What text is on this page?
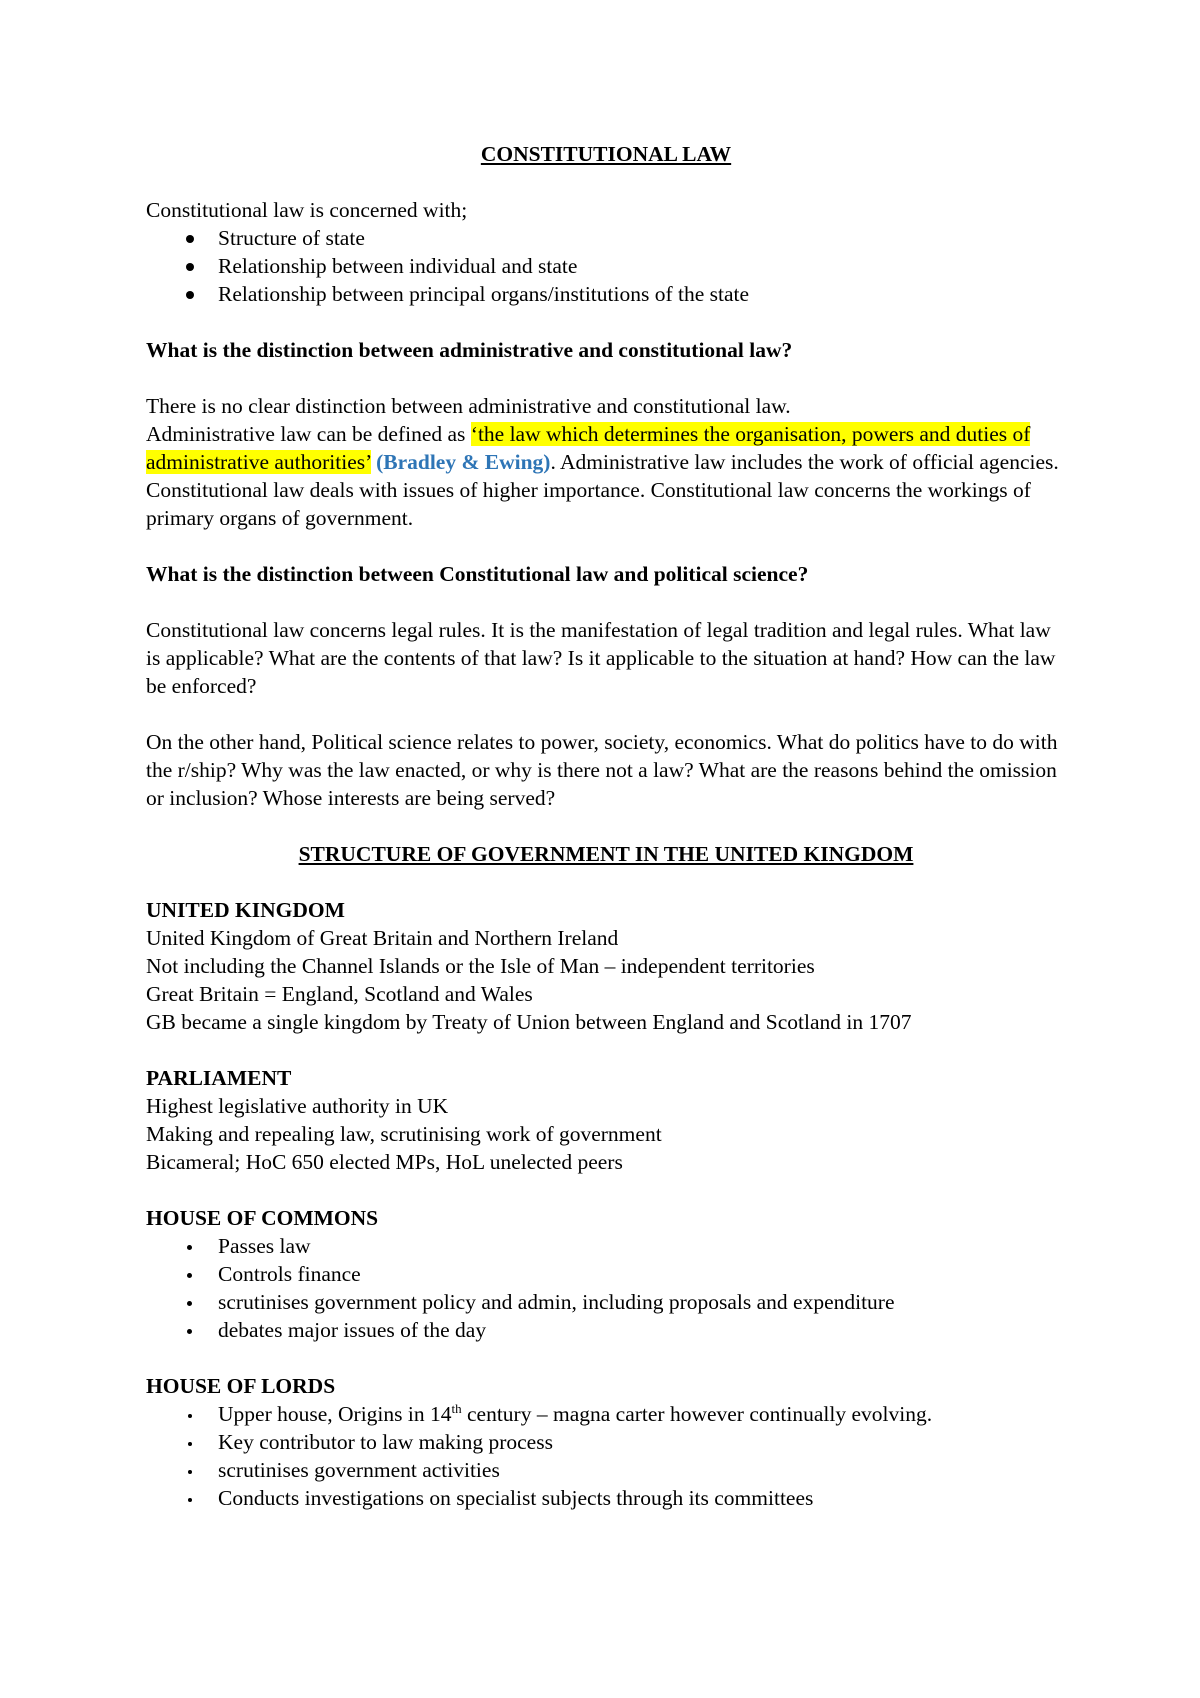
CONSTITUTIONAL LAW

Constitutional law is concerned with;

Structure of state
Relationship between individual and state
Relationship between principal organs/institutions of the state

What is the distinction between administrative and constitutional law?

There is no clear distinction between administrative and constitutional law.

Administrative law can be defined as ‘the law which determines the organisation, powers and duties of administrative authorities’ (Bradley & Ewing). Administrative law includes the work of official agencies.

Constitutional law deals with issues of higher importance. Constitutional law concerns the workings of primary organs of government.

What is the distinction between Constitutional law and political science?

Constitutional law concerns legal rules. It is the manifestation of legal tradition and legal rules. What law is applicable? What are the contents of that law? Is it applicable to the situation at hand? How can the law be enforced?

On the other hand, Political science relates to power, society, economics. What do politics have to do with the r/ship? Why was the law enacted, or why is there not a law? What are the reasons behind the omission or inclusion? Whose interests are being served?

STRUCTURE OF GOVERNMENT IN THE UNITED KINGDOM

UNITED KINGDOM

United Kingdom of Great Britain and Northern Ireland

Not including the Channel Islands or the Isle of Man – independent territories

Great Britain = England, Scotland and Wales

GB became a single kingdom by Treaty of Union between England and Scotland in 1707

PARLIAMENT

Highest legislative authority in UK

Making and repealing law, scrutinising work of government

Bicameral; HoC 650 elected MPs, HoL unelected peers

HOUSE OF COMMONS

Passes law
Controls finance
scrutinises government policy and admin, including proposals and expenditure
debates major issues of the day

HOUSE OF LORDS

Upper house, Origins in 14th century – magna carter however continually evolving.
Key contributor to law making process
scrutinises government activities
Conducts investigations on specialist subjects through its committees
